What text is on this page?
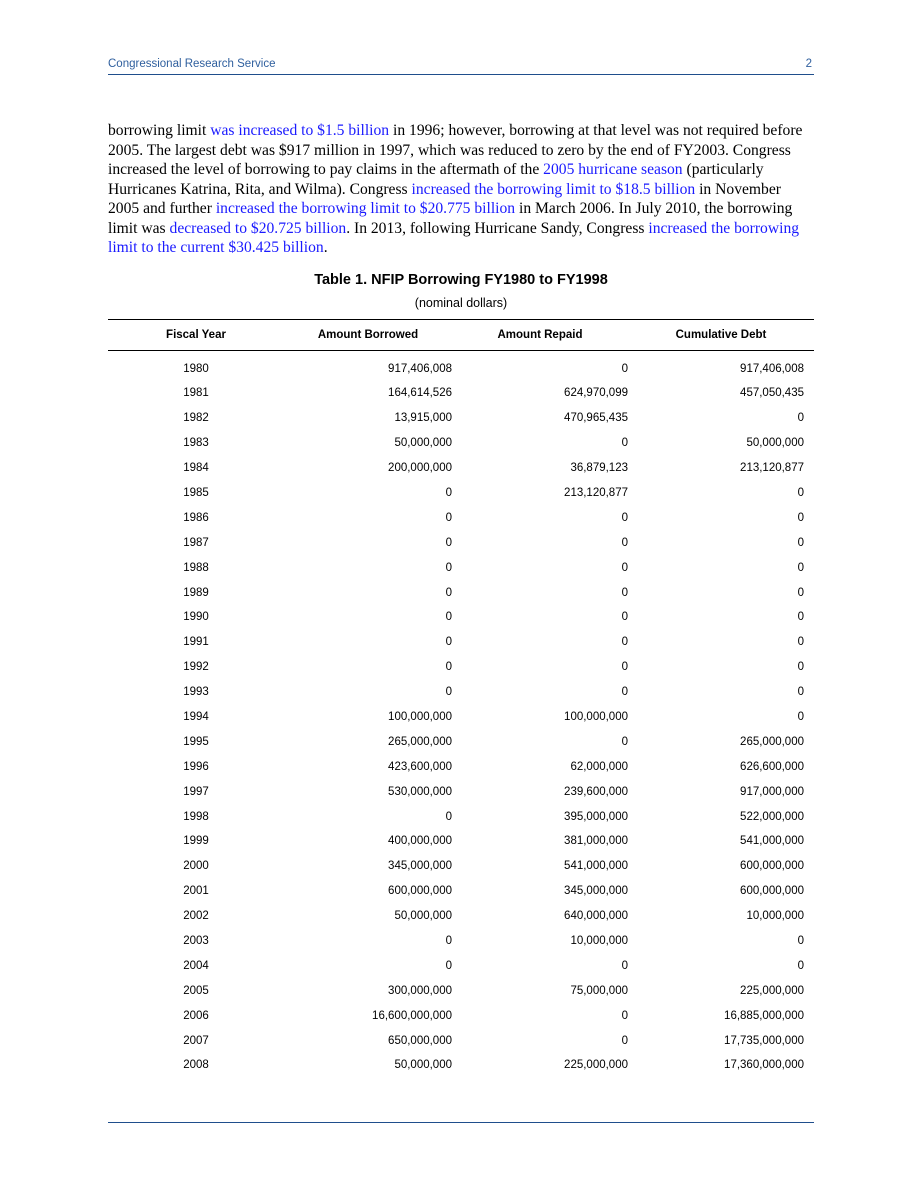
Congressional Research Service	2
borrowing limit was increased to $1.5 billion in 1996; however, borrowing at that level was not required before 2005. The largest debt was $917 million in 1997, which was reduced to zero by the end of FY2003. Congress increased the level of borrowing to pay claims in the aftermath of the 2005 hurricane season (particularly Hurricanes Katrina, Rita, and Wilma). Congress increased the borrowing limit to $18.5 billion in November 2005 and further increased the borrowing limit to $20.775 billion in March 2006. In July 2010, the borrowing limit was decreased to $20.725 billion. In 2013, following Hurricane Sandy, Congress increased the borrowing limit to the current $30.425 billion.
Table 1. NFIP Borrowing FY1980 to FY1998
(nominal dollars)
Fiscal Year	Amount Borrowed	Amount Repaid	Cumulative Debt
1980	917,406,008	0	917,406,008
1981	164,614,526	624,970,099	457,050,435
1982	13,915,000	470,965,435	0
1983	50,000,000	0	50,000,000
1984	200,000,000	36,879,123	213,120,877
1985	0	213,120,877	0
1986	0	0	0
1987	0	0	0
1988	0	0	0
1989	0	0	0
1990	0	0	0
1991	0	0	0
1992	0	0	0
1993	0	0	0
1994	100,000,000	100,000,000	0
1995	265,000,000	0	265,000,000
1996	423,600,000	62,000,000	626,600,000
1997	530,000,000	239,600,000	917,000,000
1998	0	395,000,000	522,000,000
1999	400,000,000	381,000,000	541,000,000
2000	345,000,000	541,000,000	600,000,000
2001	600,000,000	345,000,000	600,000,000
2002	50,000,000	640,000,000	10,000,000
2003	0	10,000,000	0
2004	0	0	0
2005	300,000,000	75,000,000	225,000,000
2006	16,600,000,000	0	16,885,000,000
2007	650,000,000	0	17,735,000,000
2008	50,000,000	225,000,000	17,360,000,000
